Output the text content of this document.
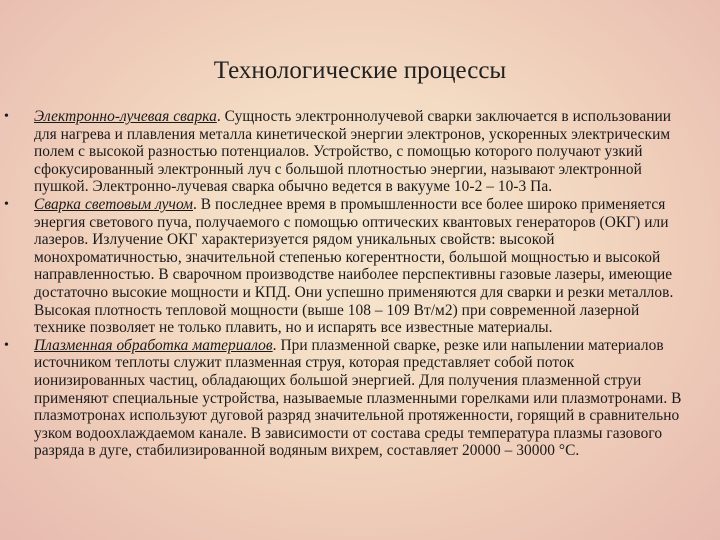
Технологические процессы
• Электронно-лучевая сварка. Сущность электроннолучевой сварки заключается в использовании для нагрева и плавления металла кинетической энергии электронов, ускоренных электрическим полем с высокой разностью потенциалов. Устройство, с помощью которого получают узкий сфокусированный электронный луч с большой плотностью энергии, называют электронной пушкой. Электронно-лучевая сварка обычно ведется в вакууме 10-2 – 10-3 Па.
• Сварка световым лучом. В последнее время в промышленности все более широко применяется энергия светового пуча, получаемого с помощью оптических квантовых генераторов (ОКГ) или лазеров. Излучение ОКГ характеризуется рядом уникальных свойств: высокой монохроматичностью, значительной степенью когерентности, большой мощностью и высокой направленностью. В сварочном производстве наиболее перспективны газовые лазеры, имеющие достаточно высокие мощности и КПД. Они успешно применяются для сварки и резки металлов. Высокая плотность тепловой мощности (выше 108 – 109 Вт/м2) при современной лазерной технике позволяет не только плавить, но и испарять все известные материалы.
• Плазменная обработка материалов. При плазменной сварке, резке или напылении материалов источником теплоты служит плазменная струя, которая представляет собой поток ионизированных частиц, обладающих большой энергией. Для получения плазменной струи применяют специальные устройства, называемые плазменными горелками или плазмотронами. В плазмотронах используют дуговой разряд значительной протяженности, горящий в сравнительно узком водоохлаждаемом канале. В зависимости от состава среды температура плазмы газового разряда в дуге, стабилизированной водяным вихрем, составляет 20000 – 30000 °С.
